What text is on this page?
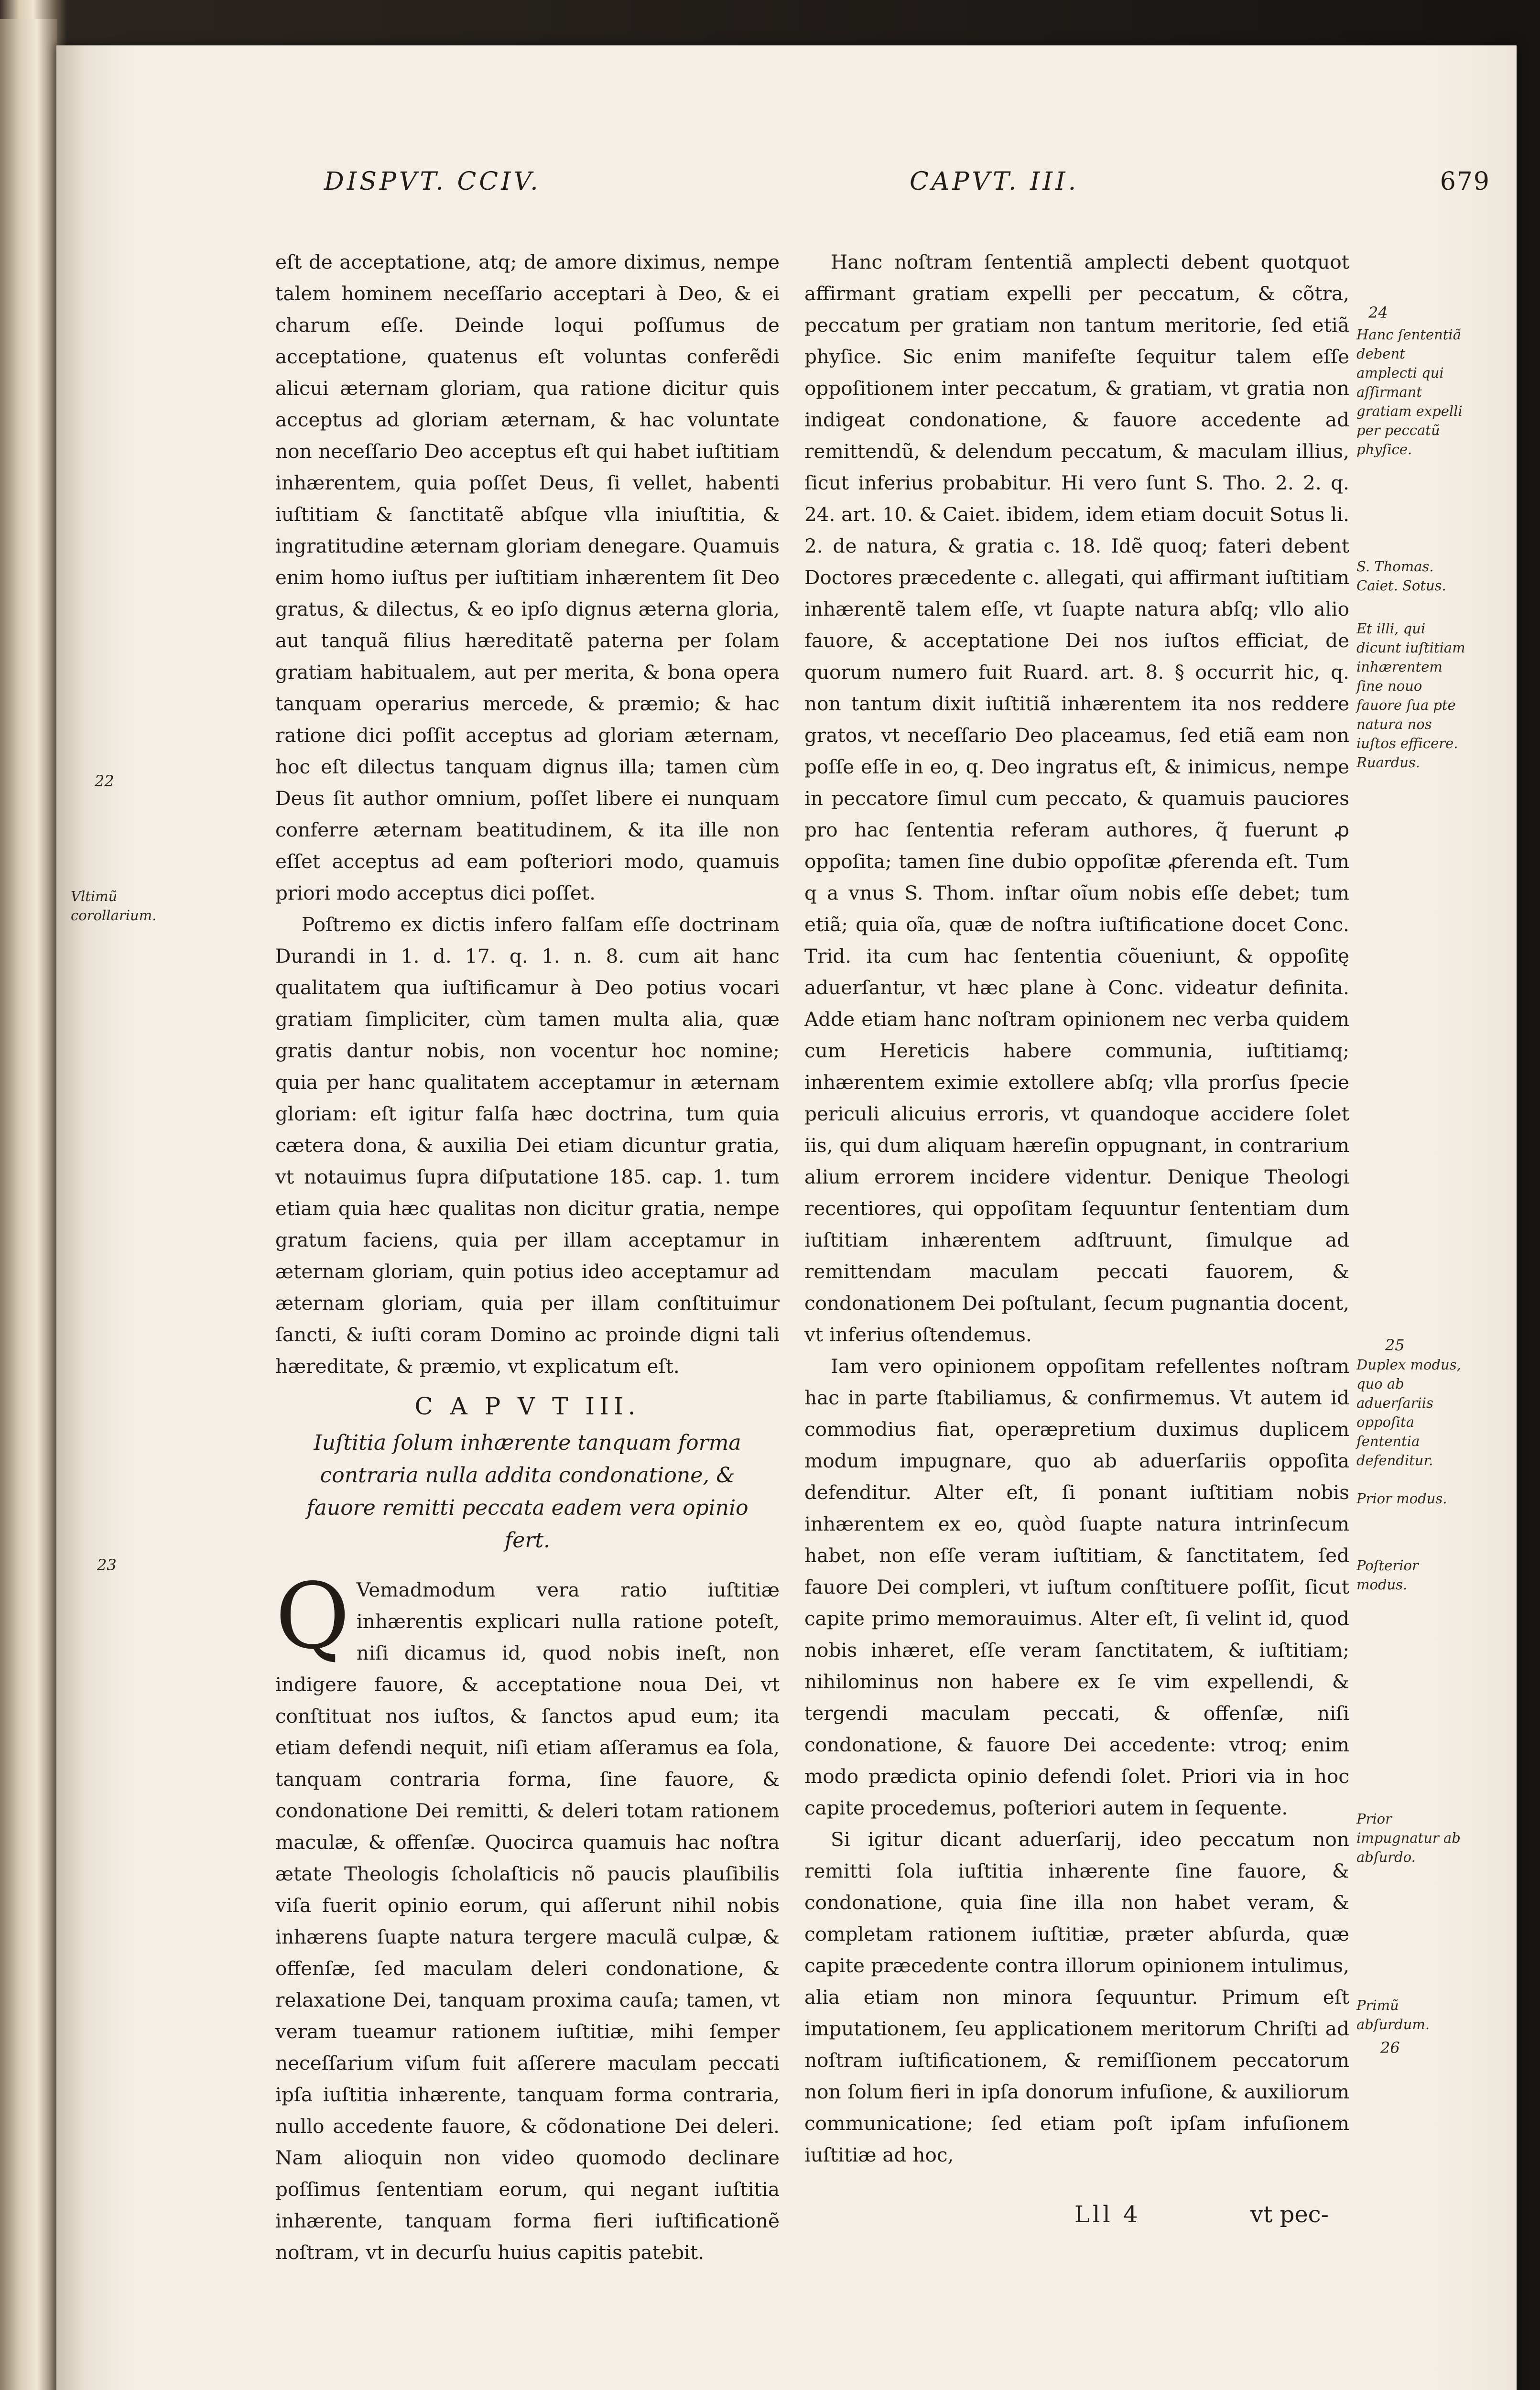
DISPVT. CCIV.	CAPVT. III.	679

eſt de acceptatione, atq; de amore diximus, nempe talem hominem neceſſario acceptari à Deo, & ei charum eſſe. Deinde loqui poſſumus de acceptatione, quatenus eſt voluntas conferẽdi alicui æternam gloriam, qua ratione dicitur quis acceptus ad gloriam æternam, & hac voluntate non neceſſario Deo acceptus eſt qui habet iuſtitiam inhærentem, quia poſſet Deus, ſi vellet, habenti iuſtitiam & ſanctitatẽ abſque vlla iniuſtitia, & ingratitudine æternam gloriam denegare. Quamuis enim homo iuſtus per iuſtitiam inhærentem ſit Deo gratus, & dilectus, & eo ipſo dignus æterna gloria, aut tanquã filius hæreditatẽ paterna per ſolam gratiam habitualem, aut per merita, & bona opera tanquam operarius mercede, & præmio; & hac ratione dici poſſit acceptus ad gloriam æternam, hoc eſt dilectus tanquam dignus illa; tamen cùm Deus ſit author omnium, poſſet libere ei nunquam conferre æternam beatitudinem, & ita ille non eſſet acceptus ad eam poſteriori modo, quamuis priori modo acceptus dici poſſet.

Poſtremo ex dictis infero falſam eſſe doctrinam Durandi in 1. d. 17. q. 1. n. 8. cum ait hanc qualitatem qua iuſtificamur à Deo potius vocari gratiam ſimpliciter, cùm tamen multa alia, quæ gratis dantur nobis, non vocentur hoc nomine; quia per hanc qualitatem acceptamur in æternam gloriam: eſt igitur falſa hæc doctrina, tum quia cætera dona, & auxilia Dei etiam dicuntur gratia, vt notauimus ſupra diſputatione 185. cap. 1. tum etiam quia hæc qualitas non dicitur gratia, nempe gratum faciens, quia per illam acceptamur in æternam gloriam, quin potius ideo acceptamur ad æternam gloriam, quia per illam conſtituimur ſancti, & iuſti coram Domino ac proinde digni tali hæreditate, & præmio, vt explicatum eſt.

C A P V T III.

Iuſtitia ſolum inhærente tanquam forma contraria nulla addita condonatione, & fauore remitti peccata eadem vera opinio fert.

Q Vemadmodum vera ratio iuſtitiæ inhærentis explicari nulla ratione poteſt, niſi dicamus id, quod nobis ineſt, non indigere fauore, & acceptatione noua Dei, vt conſtituat nos iuſtos, & ſanctos apud eum; ita etiam defendi nequit, niſi etiam aſſeramus ea ſola, tanquam contraria forma, ſine fauore, & condonatione Dei remitti, & deleri totam rationem maculæ, & offenſæ. Quocirca quamuis hac noſtra ætate Theologis ſcholaſticis nõ paucis plauſibilis viſa fuerit opinio eorum, qui aſſerunt nihil nobis inhærens ſuapte natura tergere maculã culpæ, & offenſæ, ſed maculam deleri condonatione, & relaxatione Dei, tanquam proxima cauſa; tamen, vt veram tueamur rationem iuſtitiæ, mihi ſemper neceſſarium viſum fuit aſſerere maculam peccati ipſa iuſtitia inhærente, tanquam forma contraria, nullo accedente fauore, & cõdonatione Dei deleri. Nam alioquin non video quomodo declinare poſſimus ſententiam eorum, qui negant iuſtitia inhærente, tanquam forma fieri iuſtificationẽ noſtram, vt in decurſu huius capitis patebit.

Hanc noſtram ſententiã amplecti debent quotquot affirmant gratiam expelli per peccatum, & cõtra, peccatum per gratiam non tantum meritorie, ſed etiã phyſice. Sic enim manifeſte ſequitur talem eſſe oppoſitionem inter peccatum, & gratiam, vt gratia non indigeat condonatione, & fauore accedente ad remittendũ, & delendum peccatum, & maculam illius, ſicut inferius probabitur. Hi vero ſunt S. Tho. 2. 2. q. 24. art. 10. & Caiet. ibidem, idem etiam docuit Sotus li. 2. de natura, & gratia c. 18. Idẽ quoq; fateri debent Doctores præcedente c. allegati, qui affirmant iuſtitiam inhærentẽ talem eſſe, vt ſuapte natura abſq; vllo alio fauore, & acceptatione Dei nos iuſtos efficiat, de quorum numero fuit Ruard. art. 8. § occurrit hic, q. non tantum dixit iuſtitiã inhærentem ita nos reddere gratos, vt neceſſario Deo placeamus, ſed etiã eam non poſſe eſſe in eo, q. Deo ingratus eſt, & inimicus, nempe in peccatore ſimul cum peccato, & quamuis pauciores pro hac ſententia referam authores, q̃ fuerunt ꝓ oppoſita; tamen ſine dubio oppoſitæ ꝓferenda eſt. Tum q a vnus S. Thom. inſtar oĩum nobis eſſe debet; tum etiã; quia oĩa, quæ de noſtra iuſtificatione docet Conc. Trid. ita cum hac ſententia cõueniunt, & oppoſitę aduerſantur, vt hæc plane à Conc. videatur definita. Adde etiam hanc noſtram opinionem nec verba quidem cum Hereticis habere communia, iuſtitiamq; inhærentem eximie extollere abſq; vlla prorſus ſpecie periculi alicuius erroris, vt quandoque accidere ſolet iis, qui dum aliquam hæreſin oppugnant, in contrarium alium errorem incidere videntur. Denique Theologi recentiores, qui oppoſitam ſequuntur ſententiam dum iuſtitiam inhærentem adſtruunt, ſimulque ad remittendam maculam peccati fauorem, & condonationem Dei poſtulant, ſecum pugnantia docent, vt inferius oſtendemus.

Iam vero opinionem oppoſitam refellentes noſtram hac in parte ſtabiliamus, & confirmemus. Vt autem id commodius fiat, operæpretium duximus duplicem modum impugnare, quo ab aduerſariis oppoſita defenditur. Alter eſt, ſi ponant iuſtitiam nobis inhærentem ex eo, quòd ſuapte natura intrinſecum habet, non eſſe veram iuſtitiam, & ſanctitatem, ſed fauore Dei compleri, vt iuſtum conſtituere poſſit, ſicut capite primo memorauimus. Alter eſt, ſi velint id, quod nobis inhæret, eſſe veram ſanctitatem, & iuſtitiam; nihilominus non habere ex ſe vim expellendi, & tergendi maculam peccati, & offenſæ, niſi condonatione, & fauore Dei accedente: vtroq; enim modo prædicta opinio defendi ſolet. Priori via in hoc capite procedemus, poſteriori autem in ſequente.

Si igitur dicant aduerſarij, ideo peccatum non remitti ſola iuſtitia inhærente ſine fauore, & condonatione, quia ſine illa non habet veram, & completam rationem iuſtitiæ, præter abſurda, quæ capite præcedente contra illorum opinionem intulimus, alia etiam non minora ſequuntur. Primum eſt imputationem, ſeu applicationem meritorum Chriſti ad noſtram iuſtificationem, & remiſſionem peccatorum non ſolum fieri in ipſa donorum infuſione, & auxiliorum communicatione; ſed etiam poſt ipſam infuſionem iuſtitiæ ad hoc,

24
Hanc ſententiã debent amplecti qui aſſirmant gratiam expelli per peccatũ phyſice.
S. Thomas. Caiet. Sotus.
Et illi, qui dicunt iuſtitiam inhærentem ſine nouo fauore ſua pte natura nos iuſtos efficere. Ruardus.
25
Duplex modus, quo ab aduerſariis oppoſita ſententia defenditur.
Prior modus.
Poſterior modus.
Prior impugnatur ab abſurdo.
Primũ abſurdum.
26
22
Vltimũ corollarium.
23
Lll 4	vt pec-
